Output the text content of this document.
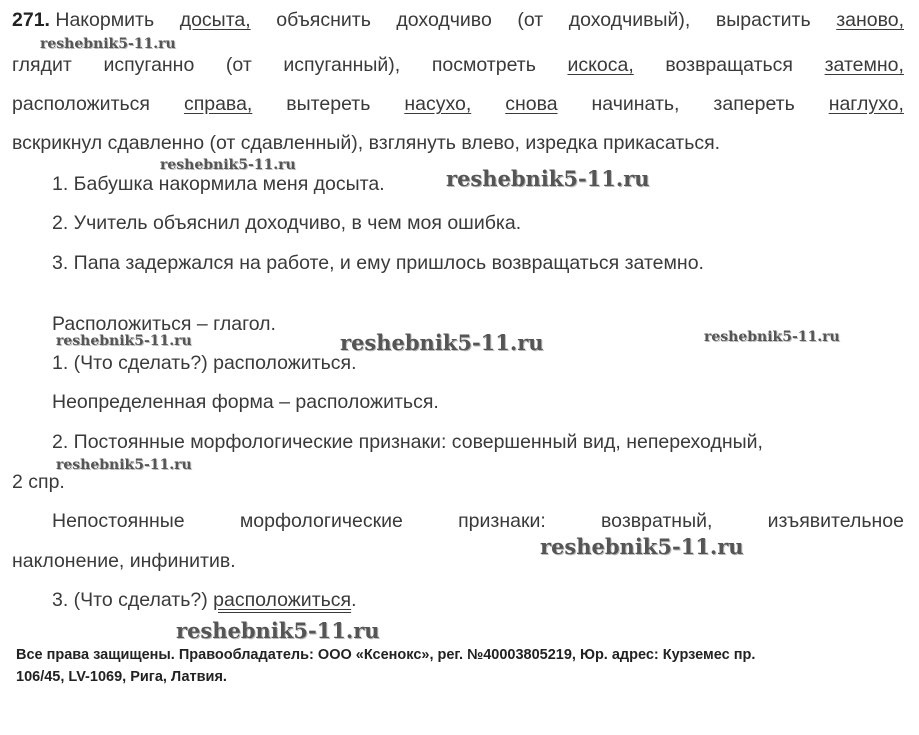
271. Накормить досыта, объяснить доходчиво (от доходчивый), вырастить заново,
reshebnik5-11.ru
глядит испуганно (от испуганный), посмотреть искоса, возвращаться затемно,
расположиться справа, вытереть насухо, снова начинать, запереть наглухо,
вскрикнул сдавленно (от сдавленный), взглянуть влево, изредка прикасаться.
reshebnik5-11.ru
1. Бабушка накормила меня досыта.	reshebnik5-11.ru
2. Учитель объяснил доходчиво, в чем моя ошибка.
3. Папа задержался на работе, и ему пришлось возвращаться затемно.
Расположиться – глагол.
reshebnik5-11.ru	reshebnik5-11.ru
reshebnik5-11.ru
1. (Что сделать?) расположиться.
Неопределенная форма – расположиться.
2. Постоянные морфологические признаки: совершенный вид, непереходный,
reshebnik5-11.ru
2 спр.
Непостоянные	морфологические	признаки:	возвратный,	изъявительное
reshebnik5-11.ru
наклонение, инфинитив.
3. (Что сделать?) расположиться.
reshebnik5-11.ru
Все права защищены. Правообладатель: ООО «Ксенокс», рег. №40003805219, Юр. адрес: Курземес пр.
106/45, LV-1069, Рига, Латвия.
